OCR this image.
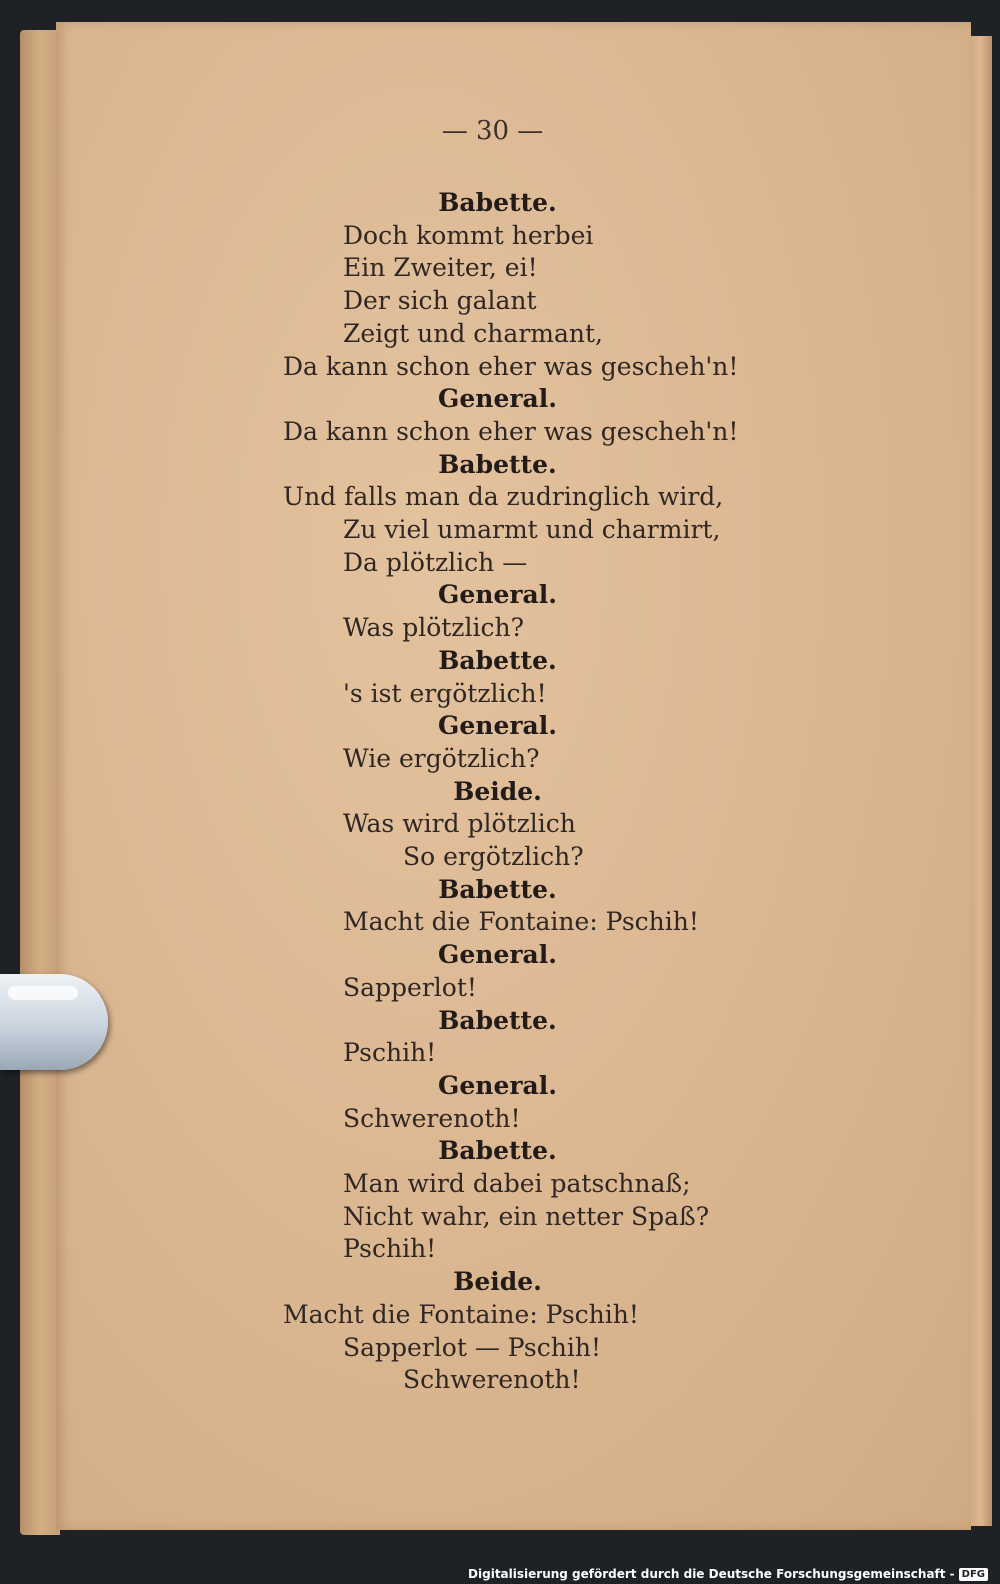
— 30 —
Babette.
Doch kommt herbei
Ein Zweiter, ei!
Der sich galant
Zeigt und charmant,
Da kann schon eher was gescheh'n!
General.
Da kann schon eher was gescheh'n!
Babette.
Und falls man da zudringlich wird,
Zu viel umarmt und charmirt,
Da plötzlich —
General.
Was plötzlich?
Babette.
's ist ergötzlich!
General.
Wie ergötzlich?
Beide.
Was wird plötzlich
So ergötzlich?
Babette.
Macht die Fontaine: Pschih!
General.
Sapperlot!
Babette.
Pschih!
General.
Schwerenoth!
Babette.
Man wird dabei patschnaß;
Nicht wahr, ein netter Spaß?
Pschih!
Beide.
Macht die Fontaine: Pschih!
Sapperlot — Pschih!
Schwerenoth!
Digitalisierung gefördert durch die Deutsche Forschungsgemeinschaft - DFG
